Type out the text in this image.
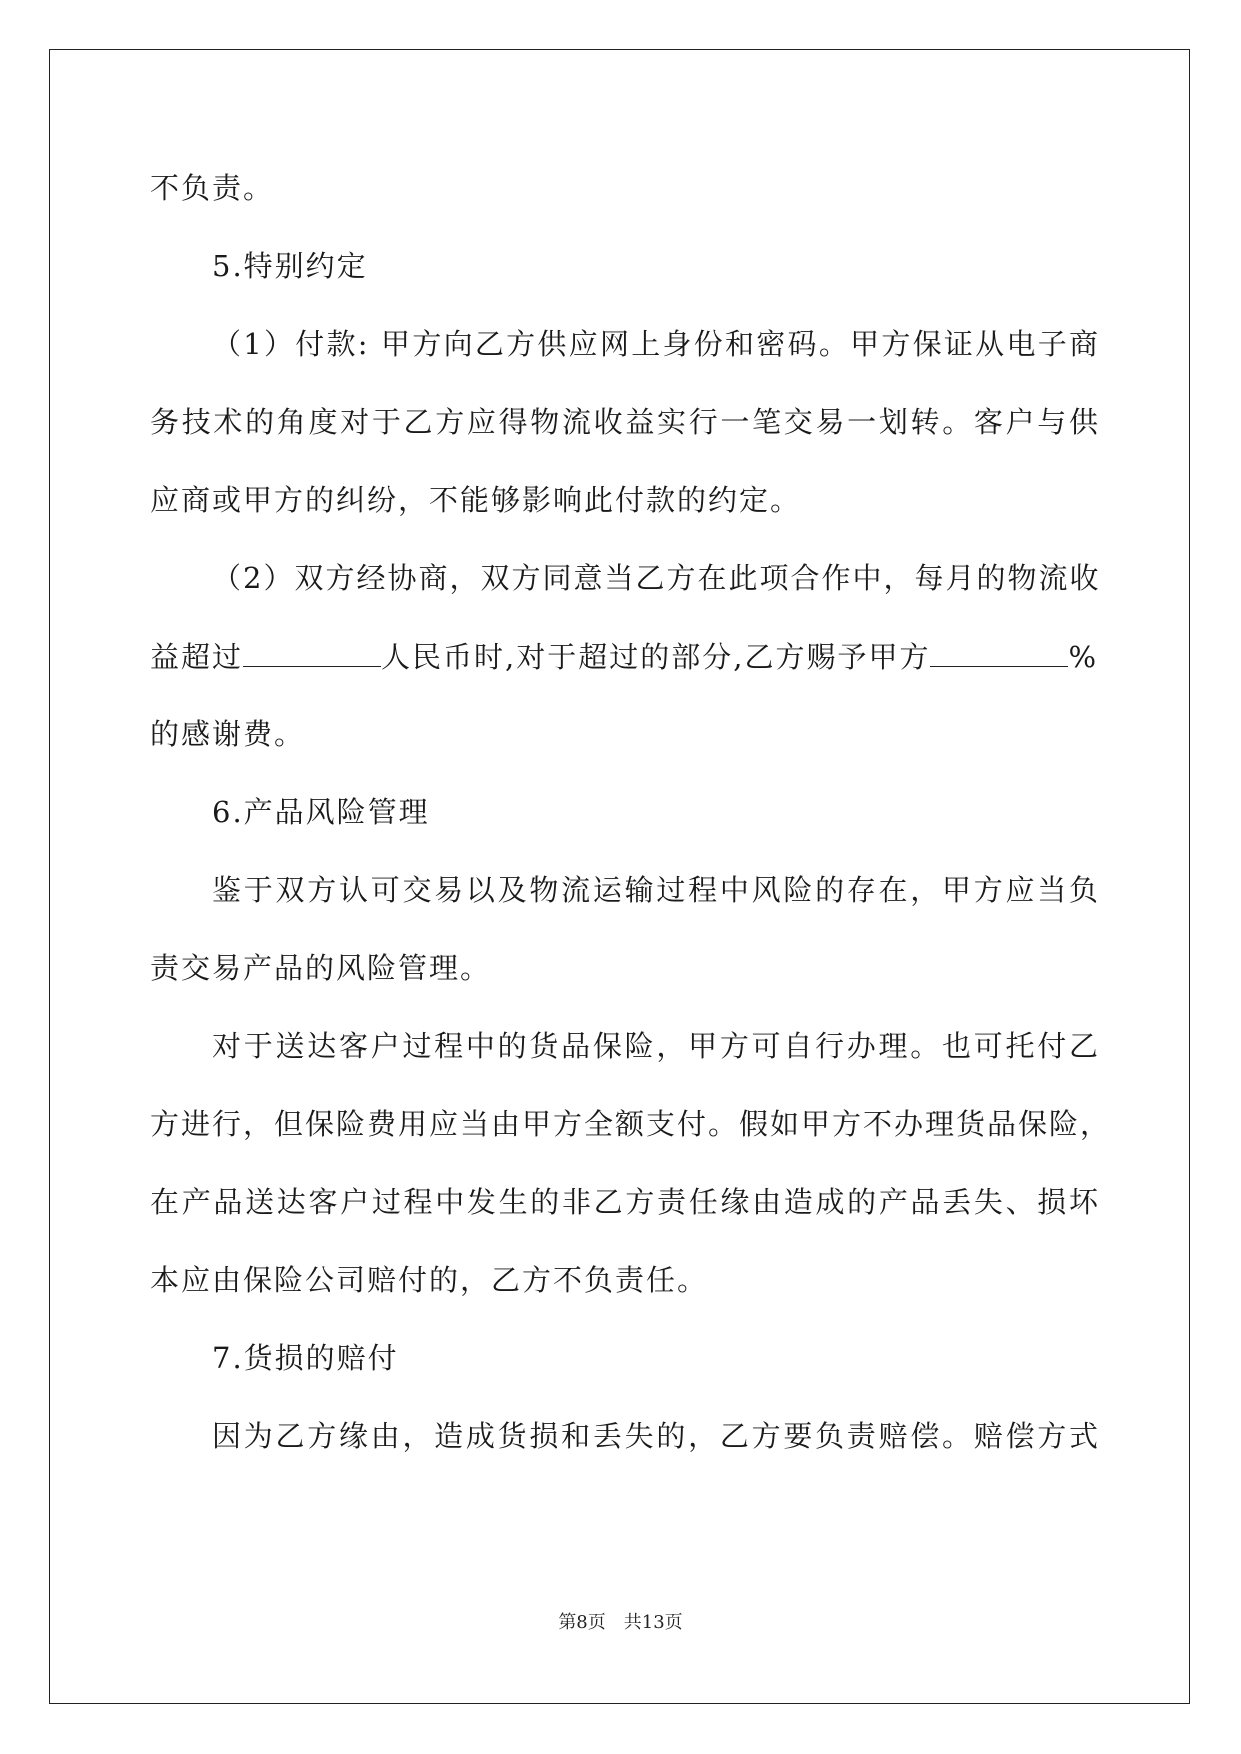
不负责。
5.特别约定
（1）付款: 甲方向乙方供应网上身份和密码。甲方保证从电子商
务技术的角度对于乙方应得物流收益实行一笔交易一划转。客户与供
应商或甲方的纠纷，不能够影响此付款的约定。
（2）双方经协商，双方同意当乙方在此项合作中，每月的物流收
益超过	人民币时,对于超过的部分,乙方赐予甲方	%
的感谢费。
6.产品风险管理
鉴于双方认可交易以及物流运输过程中风险的存在，甲方应当负
责交易产品的风险管理。
对于送达客户过程中的货品保险，甲方可自行办理。也可托付乙
方进行，但保险费用应当由甲方全额支付。假如甲方不办理货品保险，
在产品送达客户过程中发生的非乙方责任缘由造成的产品丢失、损坏
本应由保险公司赔付的，乙方不负责任。
7.货损的赔付
因为乙方缘由，造成货损和丢失的，乙方要负责赔偿。赔偿方式
第8页　共13页
